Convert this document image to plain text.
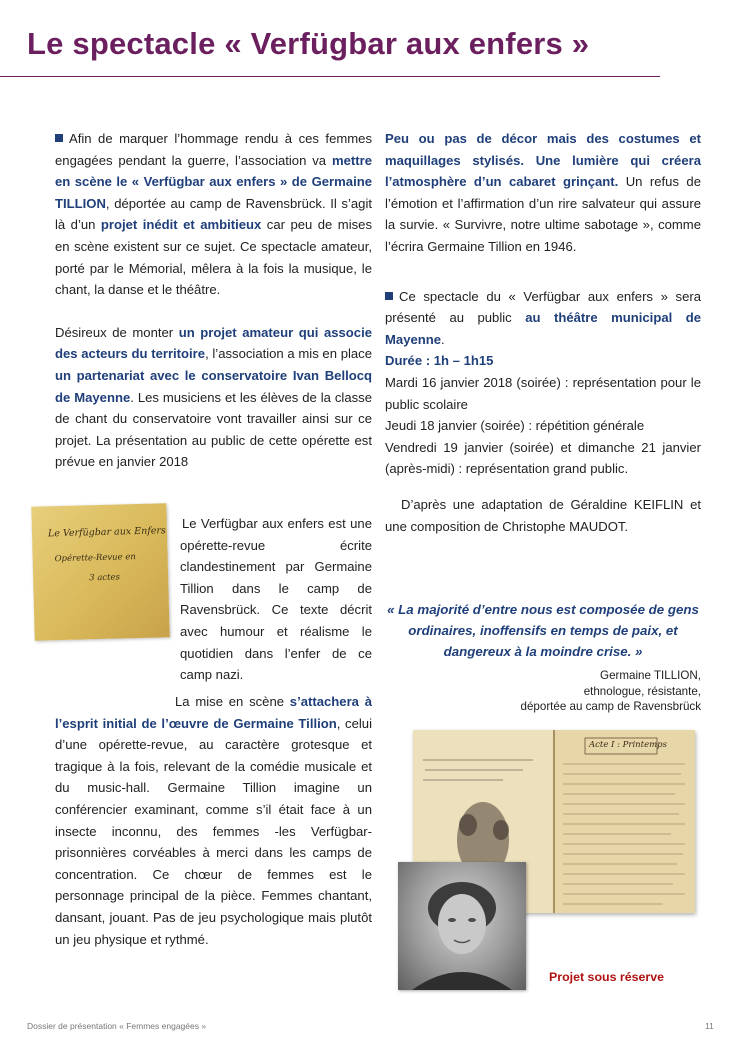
Le spectacle « Verfügbar aux enfers »

Afin de marquer l’hommage rendu à ces femmes engagées pendant la guerre, l’association va mettre en scène le « Verfügbar aux enfers » de Germaine TILLION, déportée au camp de Ravensbrück. Il s’agit là d’un projet inédit et ambitieux car peu de mises en scène existent sur ce sujet. Ce spectacle amateur, porté par le Mémorial, mêlera à la fois la musique, le chant, la danse et le théâtre.

Désireux de monter un projet amateur qui associe des acteurs du territoire, l’association a mis en place un partenariat avec le conservatoire Ivan Bellocq de Mayenne. Les musiciens et les élèves de la classe de chant du conservatoire vont travailler ainsi sur ce projet. La présentation au public de cette opérette est prévue en janvier 2018

Le Verfügbar aux Enfers
Opérette-Revue en
3 actes

Le Verfügbar aux enfers est une opérette-revue écrite clandestinement par Germaine Tillion dans le camp de Ravensbrück. Ce texte décrit avec humour et réalisme le quotidien dans l’enfer de ce camp nazi.

La mise en scène s’attachera à l’esprit initial de l’œuvre de Germaine Tillion, celui d’une opérette-revue, au caractère grotesque et tragique à la fois, relevant de la comédie musicale et du music-hall. Germaine Tillion imagine un conférencier examinant, comme s’il était face à un insecte inconnu, des femmes -les Verfügbar- prisonnières corvéables à merci dans les camps de concentration. Ce chœur de femmes est le personnage principal de la pièce. Femmes chantant, dansant, jouant. Pas de jeu psychologique mais plutôt un jeu physique et rythmé.

Peu ou pas de décor mais des costumes et maquillages stylisés. Une lumière qui créera l’atmosphère d’un cabaret grinçant. Un refus de l’émotion et l’affirmation d’un rire salvateur qui assure la survie. « Survivre, notre ultime sabotage », comme l’écrira Germaine Tillion en 1946.

Ce spectacle du « Verfügbar aux enfers » sera présenté au public au théâtre municipal de Mayenne.

Durée : 1h – 1h15

Mardi 16 janvier 2018 (soirée) : représentation pour le public scolaire

Jeudi 18 janvier (soirée) : répétition générale

Vendredi 19 janvier (soirée) et dimanche 21 janvier (après-midi) : représentation grand public.

D’après une adaptation de Géraldine KEIFLIN et une composition de Christophe MAUDOT.

« La majorité d’entre nous est composée de gens ordinaires, inoffensifs en temps de paix, et dangereux à la moindre crise. »

Germaine TILLION,

ethnologue, résistante,

déportée au camp de Ravensbrück

Acte I : Printemps
Projet sous réserve
Dossier de présentation « Femmes engagées »	11
